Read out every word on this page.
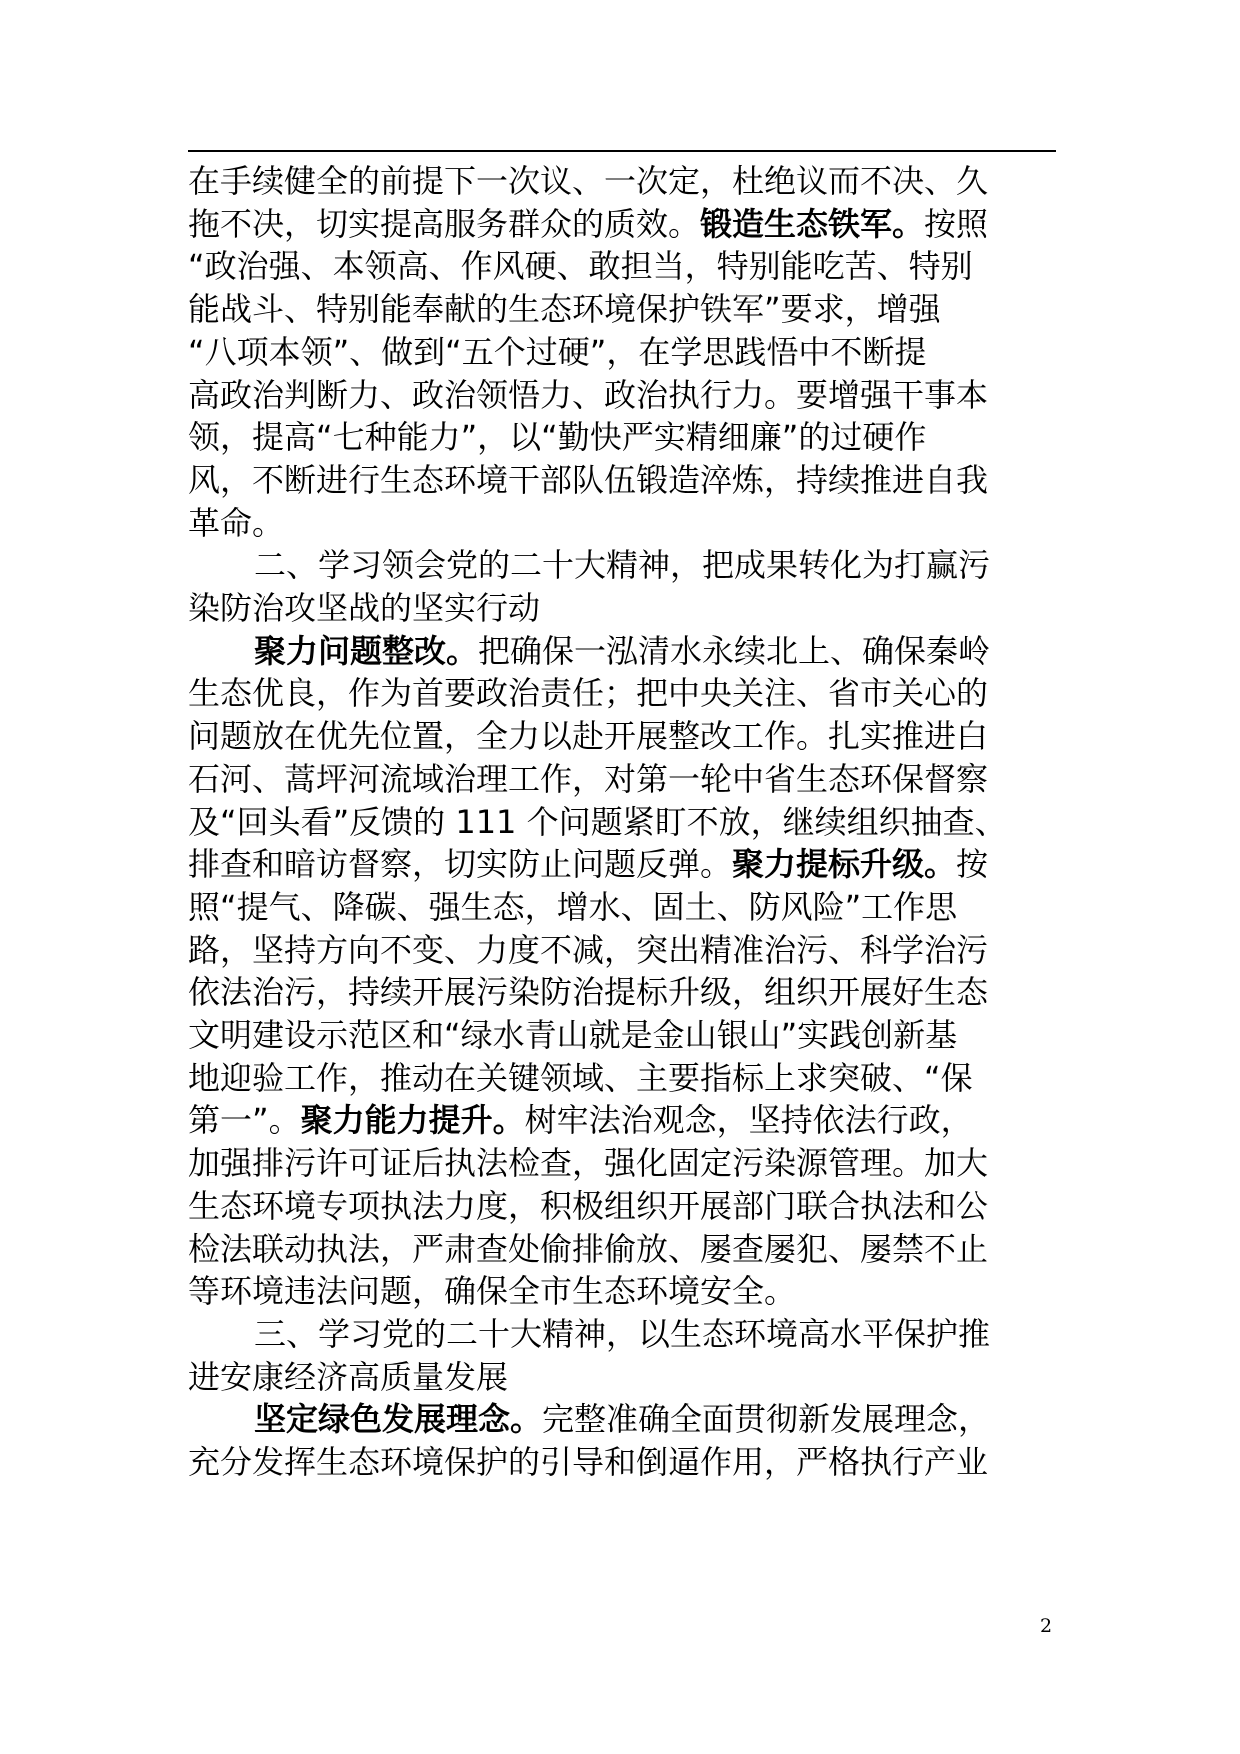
在手续健全的前提下一次议、一次定，杜绝议而不决、久
拖不决，切实提高服务群众的质效。锻造生态铁军。按照
“政治强、本领高、作风硬、敢担当，特别能吃苦、特别
能战斗、特别能奉献的生态环境保护铁军”要求，增强
“八项本领”、做到“五个过硬”，在学思践悟中不断提
高政治判断力、政治领悟力、政治执行力。要增强干事本
领，提高“七种能力”，以“勤快严实精细廉”的过硬作
风，不断进行生态环境干部队伍锻造淬炼，持续推进自我
革命。
二、学习领会党的二十大精神，把成果转化为打赢污
染防治攻坚战的坚实行动
聚力问题整改。把确保一泓清水永续北上、确保秦岭
生态优良，作为首要政治责任；把中央关注、省市关心的
问题放在优先位置，全力以赴开展整改工作。扎实推进白
石河、蒿坪河流域治理工作，对第一轮中省生态环保督察
及“回头看”反馈的 111 个问题紧盯不放，继续组织抽查、
排查和暗访督察，切实防止问题反弹。聚力提标升级。按
照“提气、降碳、强生态，增水、固土、防风险”工作思
路，坚持方向不变、力度不减，突出精准治污、科学治污
依法治污，持续开展污染防治提标升级，组织开展好生态
文明建设示范区和“绿水青山就是金山银山”实践创新基
地迎验工作，推动在关键领域、主要指标上求突破、“保
第一”。聚力能力提升。树牢法治观念，坚持依法行政，
加强排污许可证后执法检查，强化固定污染源管理。加大
生态环境专项执法力度，积极组织开展部门联合执法和公
检法联动执法，严肃查处偷排偷放、屡查屡犯、屡禁不止
等环境违法问题，确保全市生态环境安全。
三、学习党的二十大精神，以生态环境高水平保护推
进安康经济高质量发展
坚定绿色发展理念。完整准确全面贯彻新发展理念，
充分发挥生态环境保护的引导和倒逼作用，严格执行产业
2
